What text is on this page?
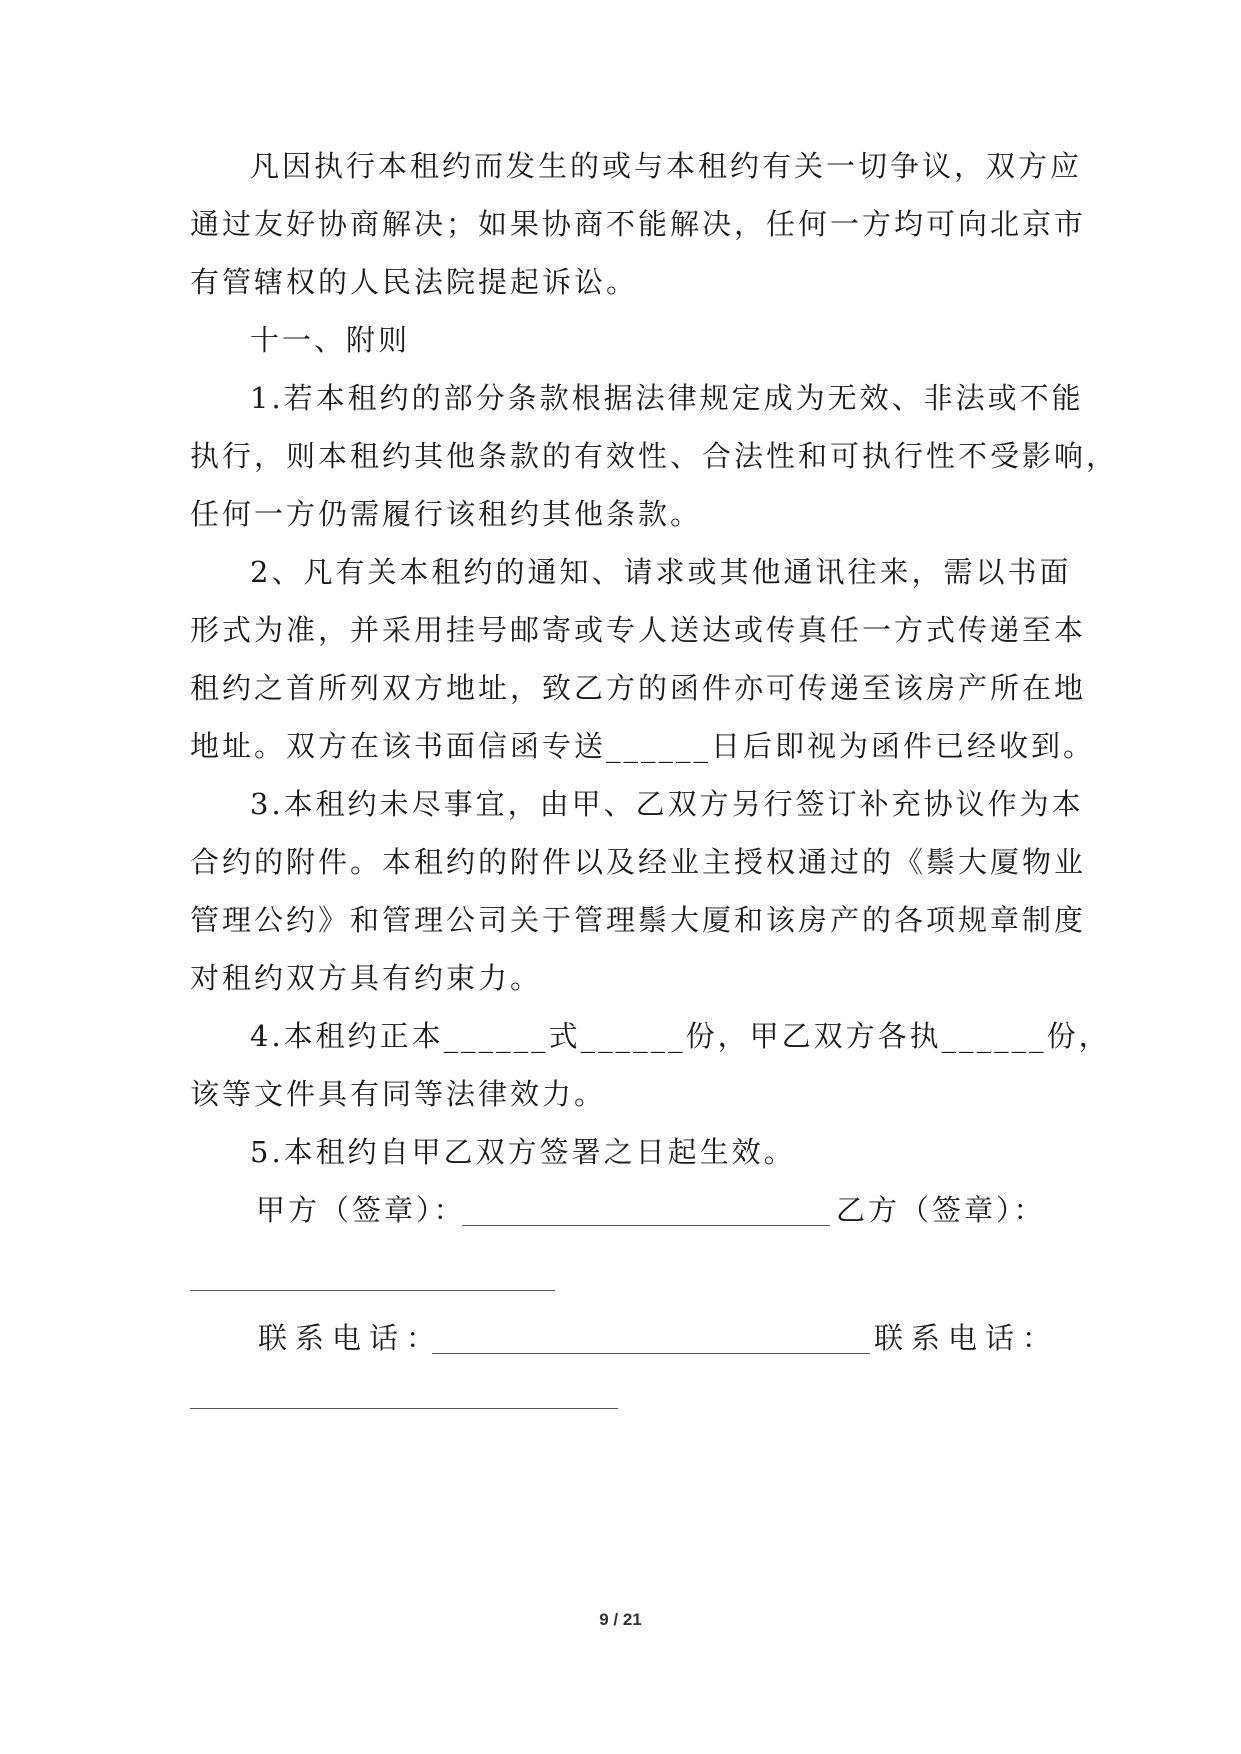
凡因执行本租约而发生的或与本租约有关一切争议，双方应
通过友好协商解决；如果协商不能解决，任何一方均可向北京市
有管辖权的人民法院提起诉讼。
十一、附则
1.若本租约的部分条款根据法律规定成为无效、非法或不能
执行，则本租约其他条款的有效性、合法性和可执行性不受影响，
任何一方仍需履行该租约其他条款。
2、凡有关本租约的通知、请求或其他通讯往来，需以书面
形式为准，并采用挂号邮寄或专人送达或传真任一方式传递至本
租约之首所列双方地址，致乙方的函件亦可传递至该房产所在地
地址。双方在该书面信函专送______日后即视为函件已经收到。
3.本租约未尽事宜，由甲、乙双方另行签订补充协议作为本
合约的附件。本租约的附件以及经业主授权通过的《鬃大厦物业
管理公约》和管理公司关于管理鬃大厦和该房产的各项规章制度
对租约双方具有约束力。
4.本租约正本______式______份，甲乙双方各执______份，
该等文件具有同等法律效力。
5.本租约自甲乙双方签署之日起生效。
甲方（签章）：	乙方（签章）：
联系电话：	联系电话：
9 / 21
